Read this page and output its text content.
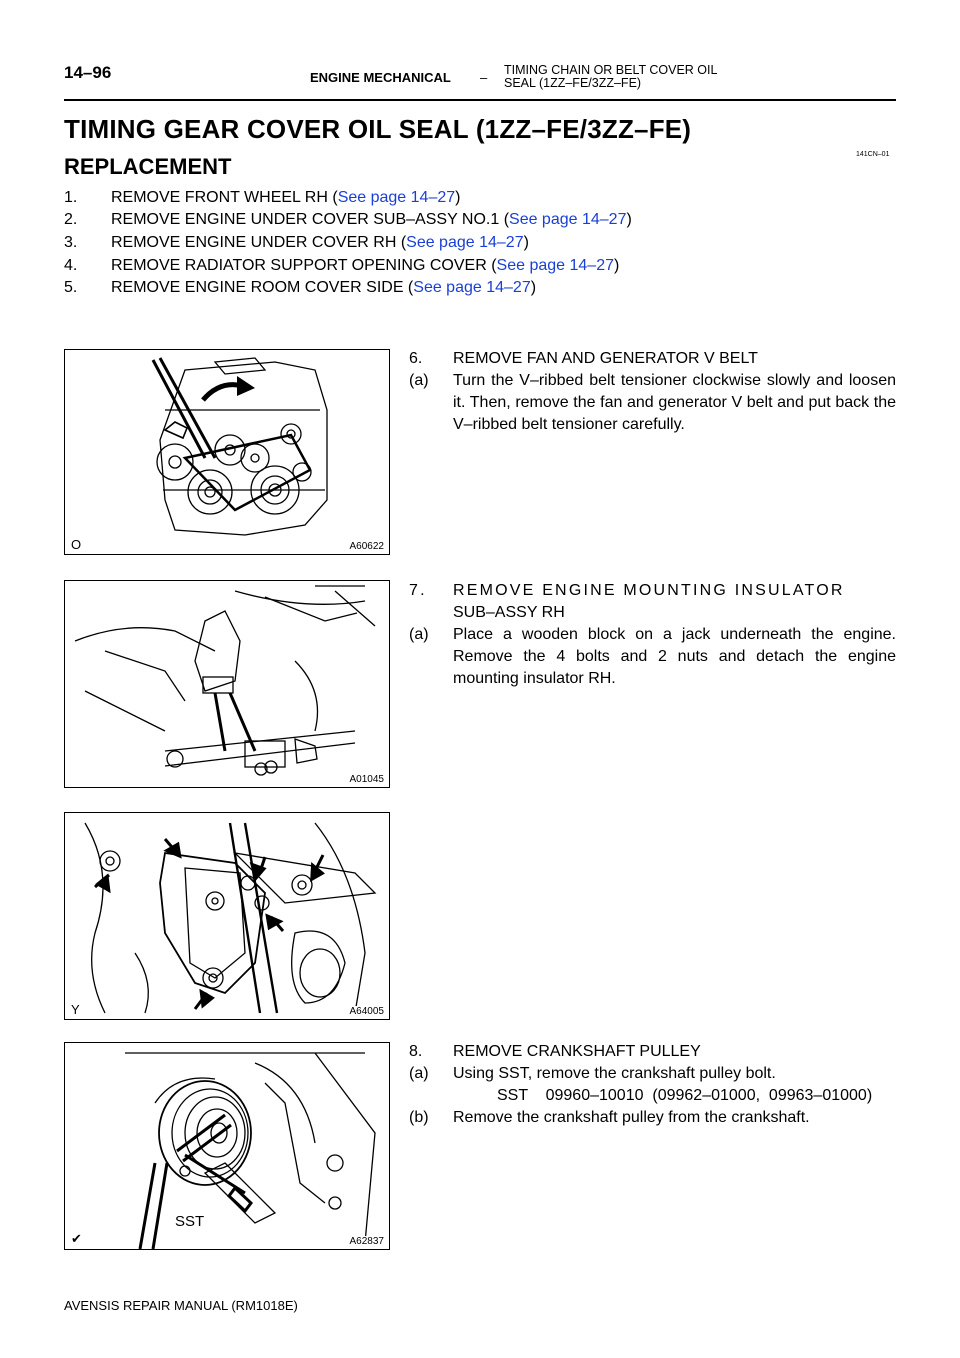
14–96	ENGINE MECHANICAL – TIMING CHAIN OR BELT COVER OIL
SEAL (1ZZ–FE/3ZZ–FE)
TIMING GEAR COVER OIL SEAL (1ZZ–FE/3ZZ–FE)
141CN–01
REPLACEMENT
1. REMOVE FRONT WHEEL RH (See page 14–27)
2. REMOVE ENGINE UNDER COVER SUB–ASSY NO.1 (See page 14–27)
3. REMOVE ENGINE UNDER COVER RH (See page 14–27)
4. REMOVE RADIATOR SUPPORT OPENING COVER (See page 14–27)
5. REMOVE ENGINE ROOM COVER SIDE (See page 14–27)
O	A60622
A01045
Y	A64005
SST
✔	A62837
6.	REMOVE FAN AND GENERATOR V BELT
(a)	Turn the V–ribbed belt tensioner clockwise slowly and loosen it. Then, remove the fan and generator V belt and put back the V–ribbed belt tensioner carefully.
7.	REMOVE ENGINE MOUNTING INSULATOR
SUB–ASSY RH
(a)	Place a wooden block on a jack underneath the engine. Remove the 4 bolts and 2 nuts and detach the engine mounting insulator RH.
8.	REMOVE CRANKSHAFT PULLEY
(a)	Using SST, remove the crankshaft pulley bolt.
SST    09960–10010  (09962–01000,  09963–01000)
(b)	Remove the crankshaft pulley from the crankshaft.
AVENSIS REPAIR MANUAL (RM1018E)
